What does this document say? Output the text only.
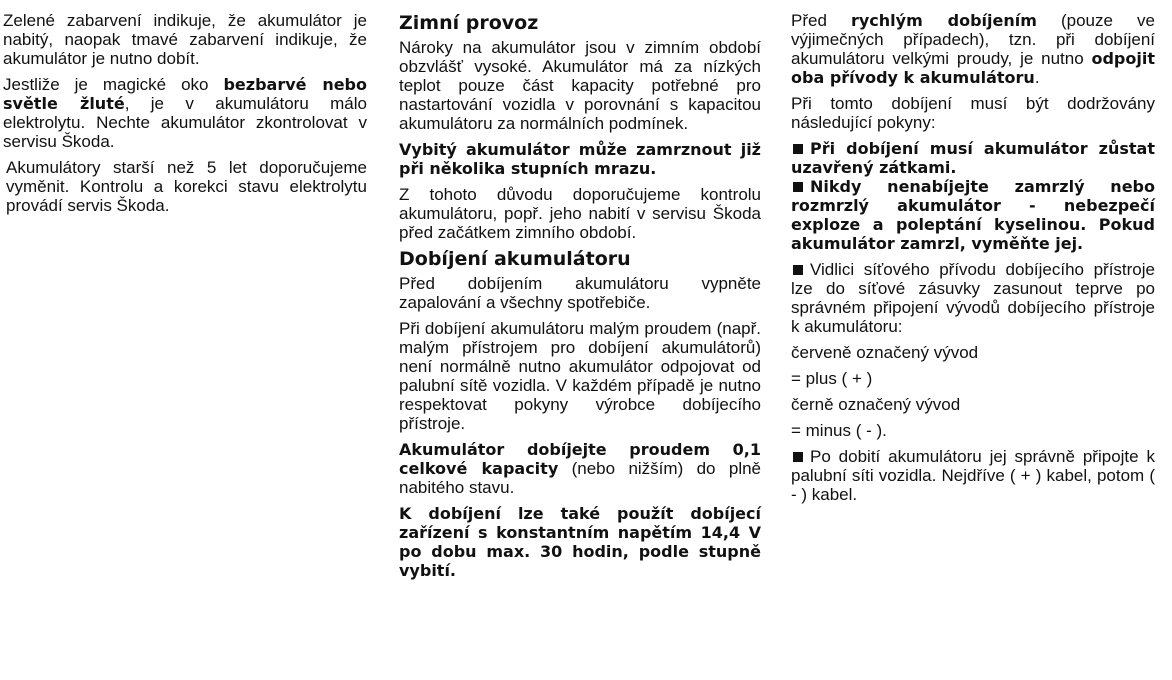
Zelené zabarvení indikuje, že akumulátor je nabitý, naopak tmavé zabarvení indikuje, že akumulátor je nutno dobít.

Jestliže je magické oko bezbarvé nebo světle žluté, je v akumulátoru málo elektrolytu. Nechte akumulátor zkontrolovat v servisu Škoda.

Akumulátory starší než 5 let doporučujeme vyměnit. Kontrolu a korekci stavu elektrolytu provádí servis Škoda.

Zimní provoz

Nároky na akumulátor jsou v zimním období obzvlášť vysoké. Akumulátor má za nízkých teplot pouze část kapacity potřebné pro nastartování vozidla v porovnání s kapacitou akumulátoru za normálních podmínek.

Vybitý akumulátor může zamrznout již při několika stupních mrazu.

Z tohoto důvodu doporučujeme kontrolu akumulátoru, popř. jeho nabití v servisu Škoda před začátkem zimního období.

Dobíjení akumulátoru

Před dobíjením akumulátoru vypněte zapalování a všechny spotřebiče.

Při dobíjení akumulátoru malým proudem (např. malým přístrojem pro dobíjení akumulátorů) není normálně nutno akumulátor odpojovat od palubní sítě vozidla. V každém případě je nutno respektovat pokyny výrobce dobíjecího přístroje.

Akumulátor dobíjejte proudem 0,1 celkové kapacity (nebo nižším) do plně nabitého stavu.

K dobíjení lze také použít dobíjecí zařízení s konstantním napětím 14,4 V po dobu max. 30 hodin, podle stupně vybití.

Před rychlým dobíjením (pouze ve výjimečných případech), tzn. při dobíjení akumulátoru velkými proudy, je nutno odpojit oba přívody k akumulátoru.

Při tomto dobíjení musí být dodržovány následující pokyny:

Při dobíjení musí akumulátor zůstat uzavřený zátkami.
Nikdy nenabíjejte zamrzlý nebo rozmrzlý akumulátor - nebezpečí exploze a poleptání kyselinou. Pokud akumulátor zamrzl, vyměňte jej.

Vidlici síťového přívodu dobíjecího přístroje lze do síťové zásuvky zasunout teprve po správném připojení vývodů dobíjecího přístroje k akumulátoru:

červeně označený vývod

= plus ( + )

černě označený vývod

= minus ( - ).

Po dobití akumulátoru jej správně připojte k palubní síti vozidla. Nejdříve ( + ) kabel, potom ( - ) kabel.
